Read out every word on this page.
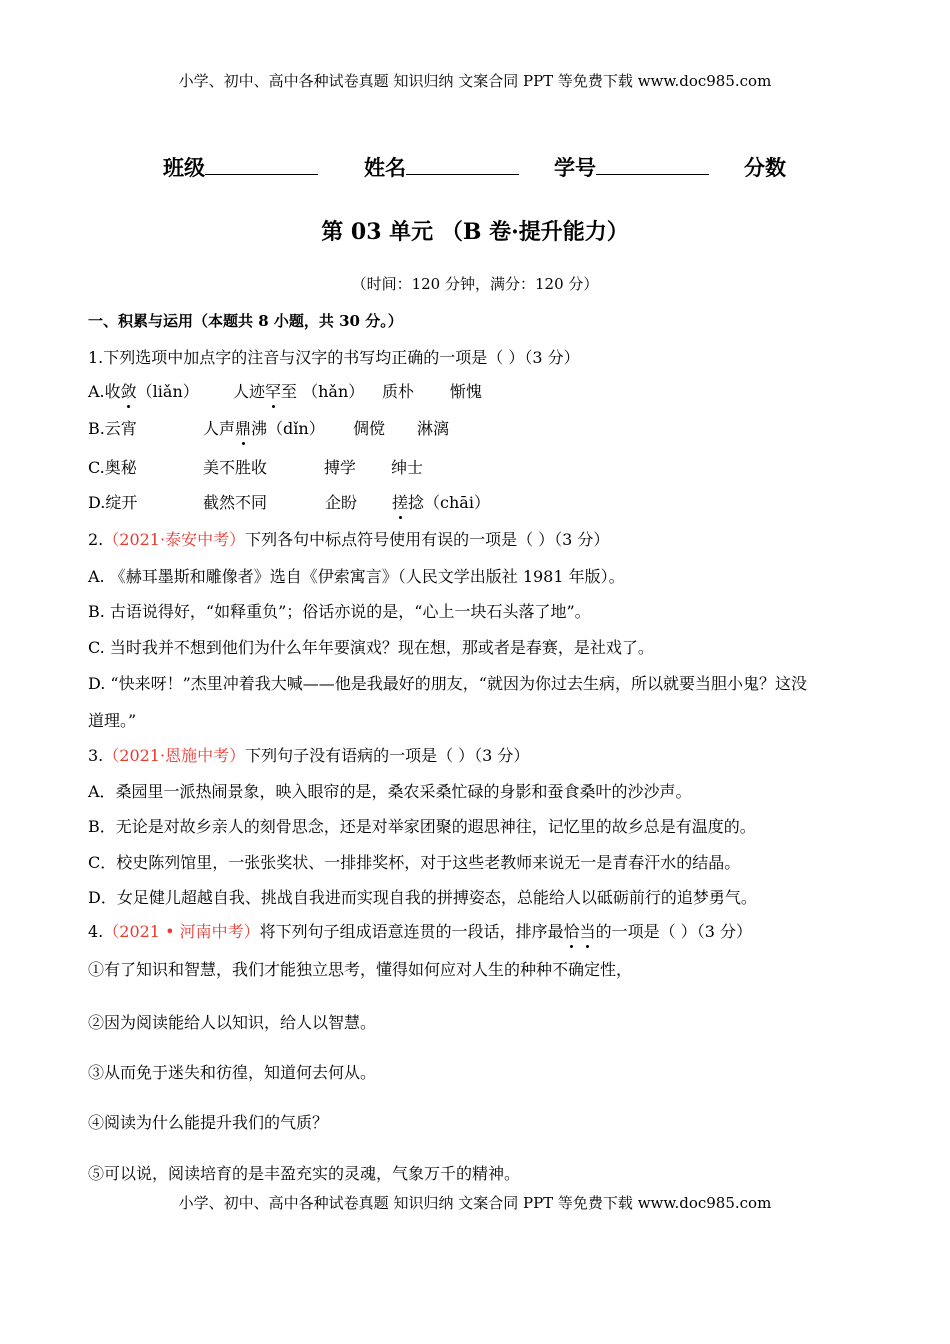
小学、初中、高中各种试卷真题 知识归纳 文案合同 PPT 等免费下载 www.doc985.com
班级	姓名	学号	分数
第 03 单元 （B 卷·提升能力）
（时间：120 分钟，满分：120 分）
一、积累与运用（本题共 8 小题，共 30 分。）
1.下列选项中加点字的注音与汉字的书写均正确的一项是（ ）（3 分）
A.收敛（liǎn） 人迹罕至 （hǎn） 质朴 惭愧
B.云宵	人声鼎沸（dǐn） 倜傥 淋漓
C.奥秘	美不胜收	搏学 绅士
D.绽开	截然不同	企盼 搓捻（chāi）
2.（2021·泰安中考）下列各句中标点符号使用有误的一项是（ ）（3 分）
A. 《赫耳墨斯和雕像者》选自《伊索寓言》（人民文学出版社 1981 年版）。
B. 古语说得好，“如释重负”；俗话亦说的是，“心上一块石头落了地”。
C. 当时我并不想到他们为什么年年要演戏？现在想，那或者是春赛，是社戏了。
D. “快来呀！”杰里冲着我大喊——他是我最好的朋友，“就因为你过去生病，所以就要当胆小鬼？这没
道理。”
3.（2021·恩施中考）下列句子没有语病的一项是（ ）（3 分）
A．桑园里一派热闹景象，映入眼帘的是，桑农采桑忙碌的身影和蚕食桑叶的沙沙声。
B．无论是对故乡亲人的刻骨思念，还是对举家团聚的遐思神往，记忆里的故乡总是有温度的。
C．校史陈列馆里，一张张奖状、一排排奖杯，对于这些老教师来说无一是青春汗水的结晶。
D．女足健儿超越自我、挑战自我进而实现自我的拼搏姿态，总能给人以砥砺前行的追梦勇气。
4.（2021 • 河南中考）将下列句子组成语意连贯的一段话，排序最恰当的一项是（ ）（3 分）
①有了知识和智慧，我们才能独立思考，懂得如何应对人生的种种不确定性，
②因为阅读能给人以知识，给人以智慧。
③从而免于迷失和彷徨，知道何去何从。
④阅读为什么能提升我们的气质？
⑤可以说，阅读培育的是丰盈充实的灵魂，气象万千的精神。
小学、初中、高中各种试卷真题 知识归纳 文案合同 PPT 等免费下载 www.doc985.com
